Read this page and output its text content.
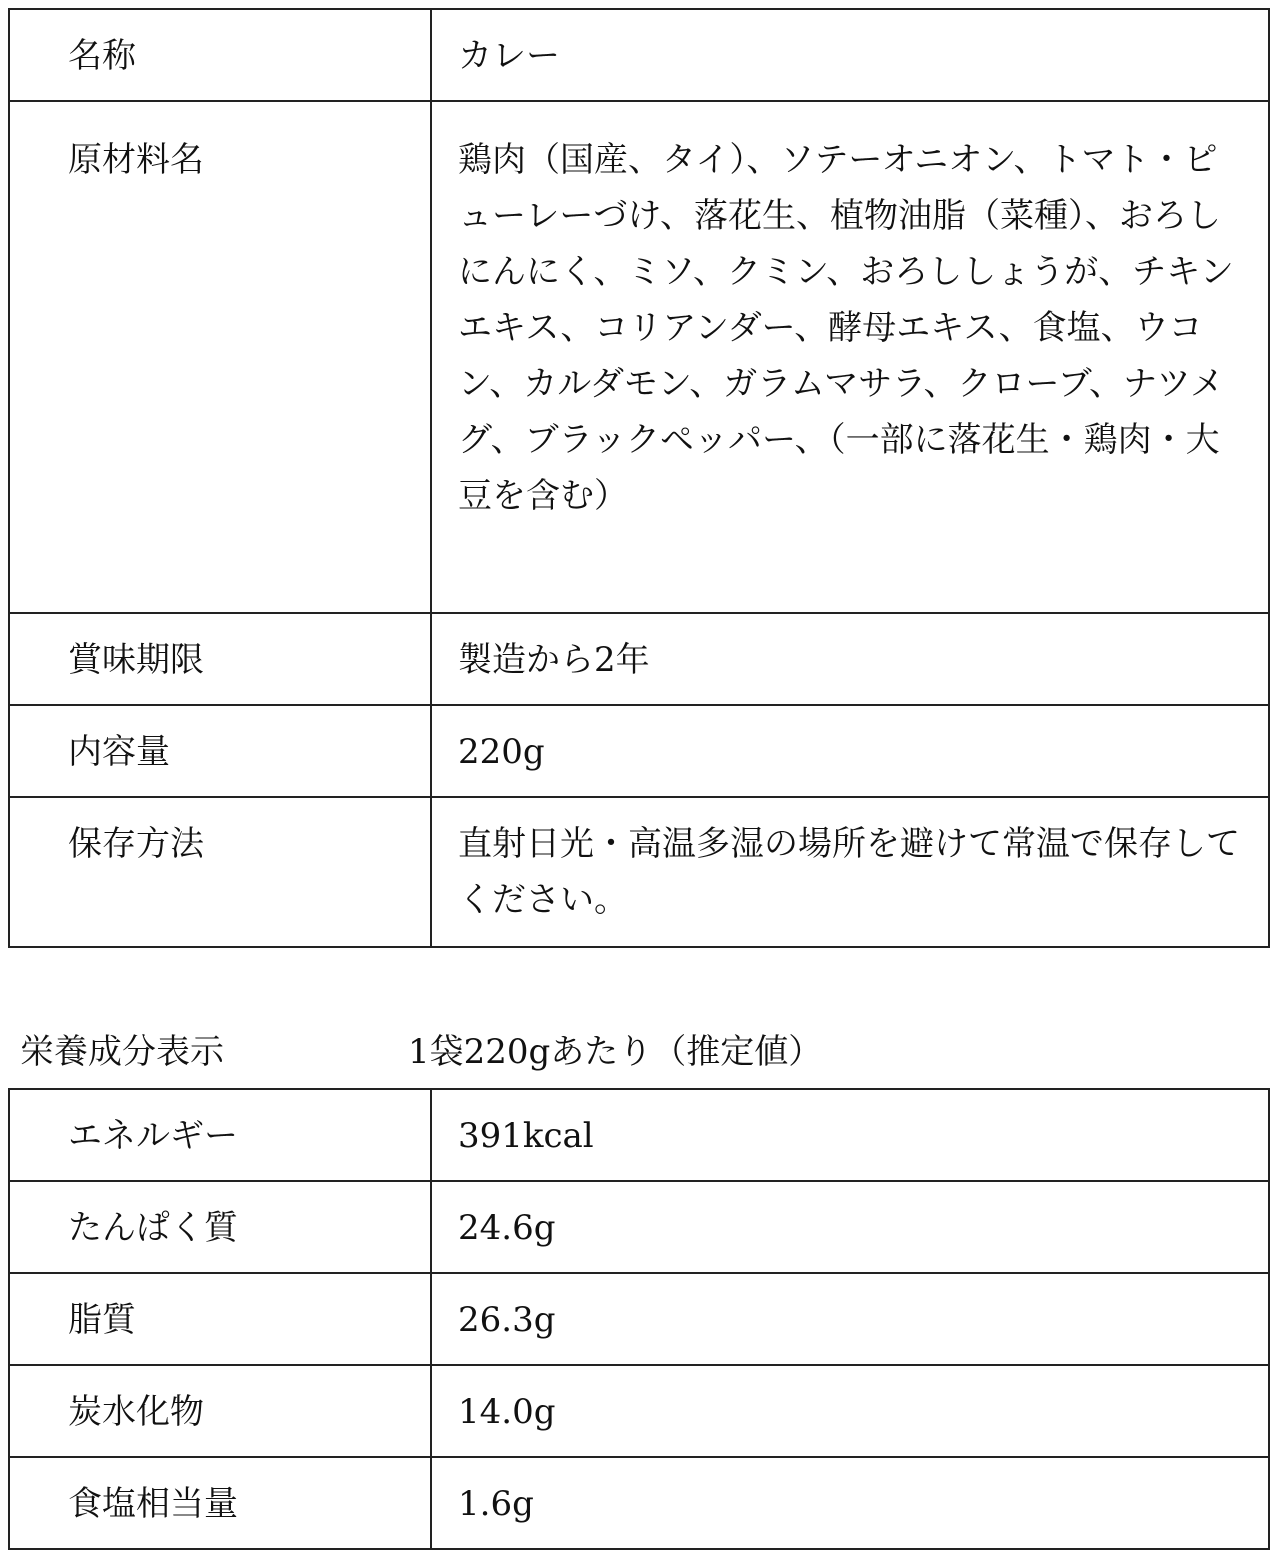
名称	カレー
原材料名	鶏肉（国産、タイ）、ソテーオニオン、トマト・ピューレーづけ、落花生、植物油脂（菜種）、おろしにんにく、ミソ、クミン、おろししょうが、チキンエキス、コリアンダー、酵母エキス、食塩、ウコン、カルダモン、ガラムマサラ、クローブ、ナツメグ、ブラックペッパー、（一部に落花生・鶏肉・大豆を含む）
賞味期限	製造から2年
内容量	220g
保存方法	直射日光・高温多湿の場所を避けて常温で保存してください。
栄養成分表示	1袋220gあたり（推定値）
エネルギー	391kcal
たんぱく質	24.6g
脂質	26.3g
炭水化物	14.0g
食塩相当量	1.6g
